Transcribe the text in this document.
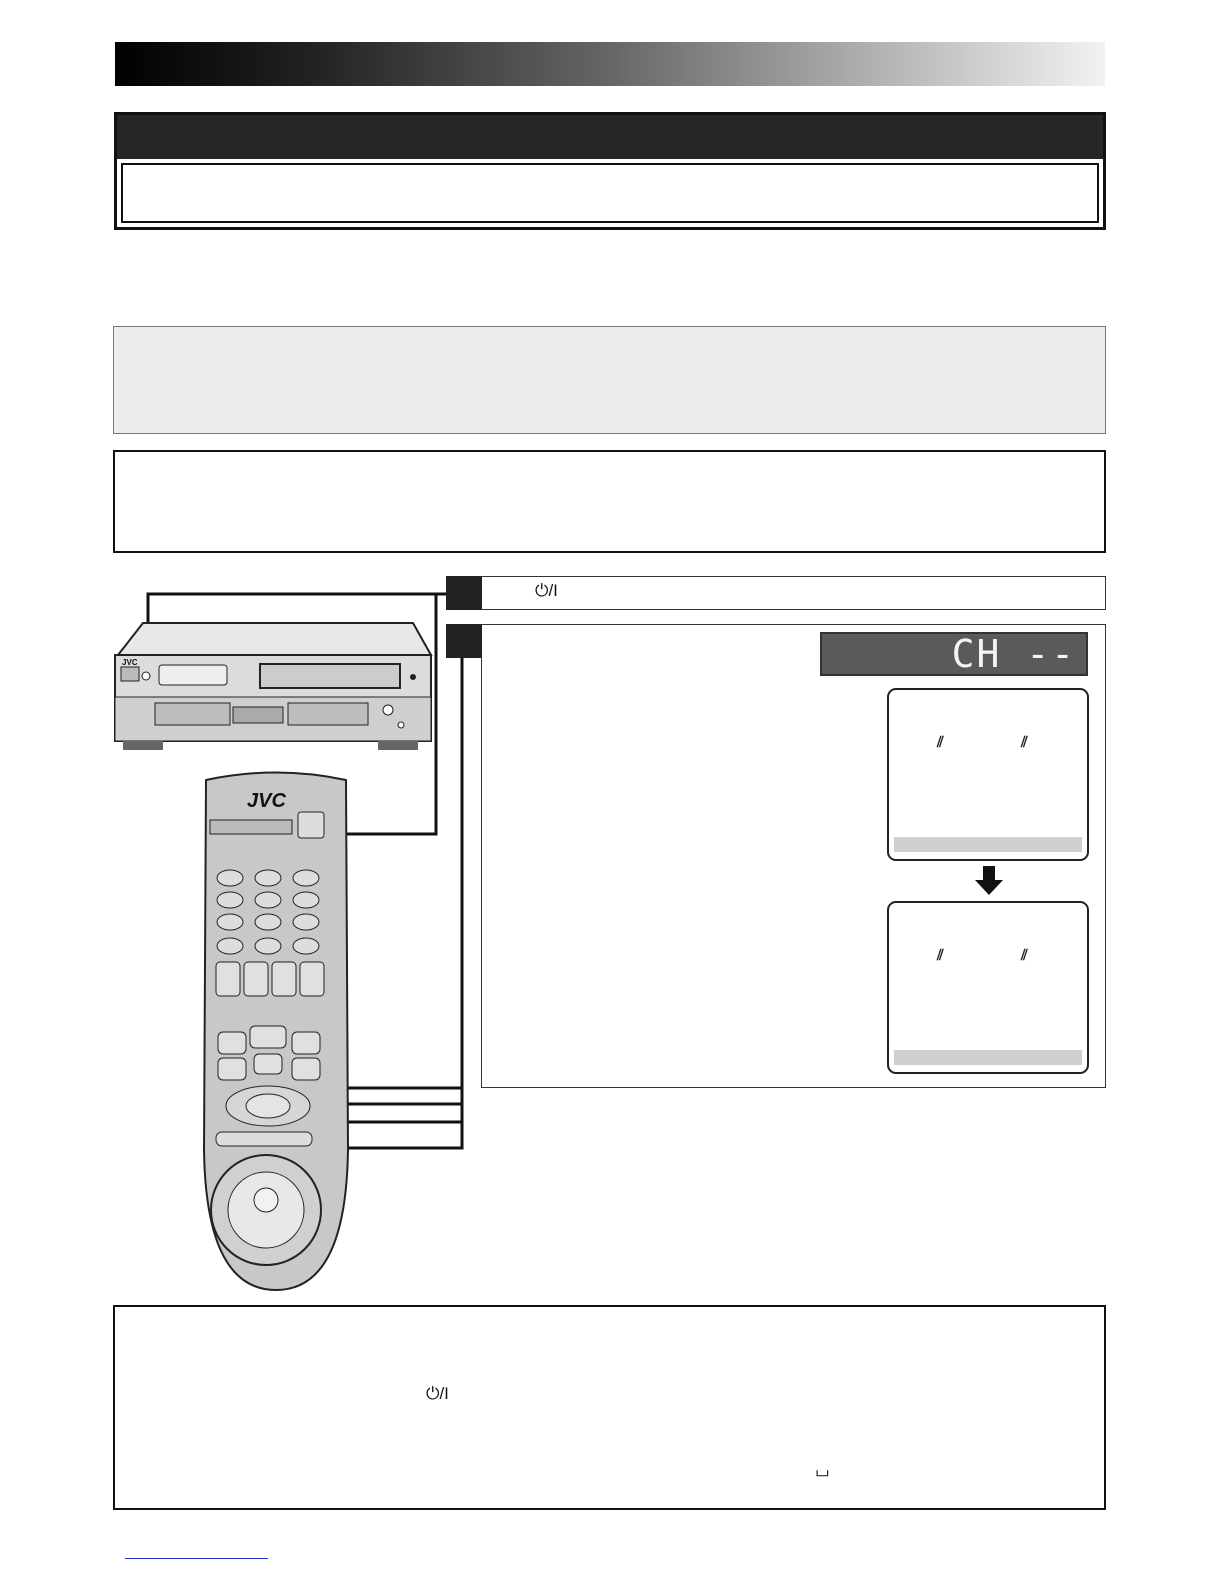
⏻/I
CH --
⫽	⫽
⫽	⫽
JVC
JVC
⏻/I
⌴
